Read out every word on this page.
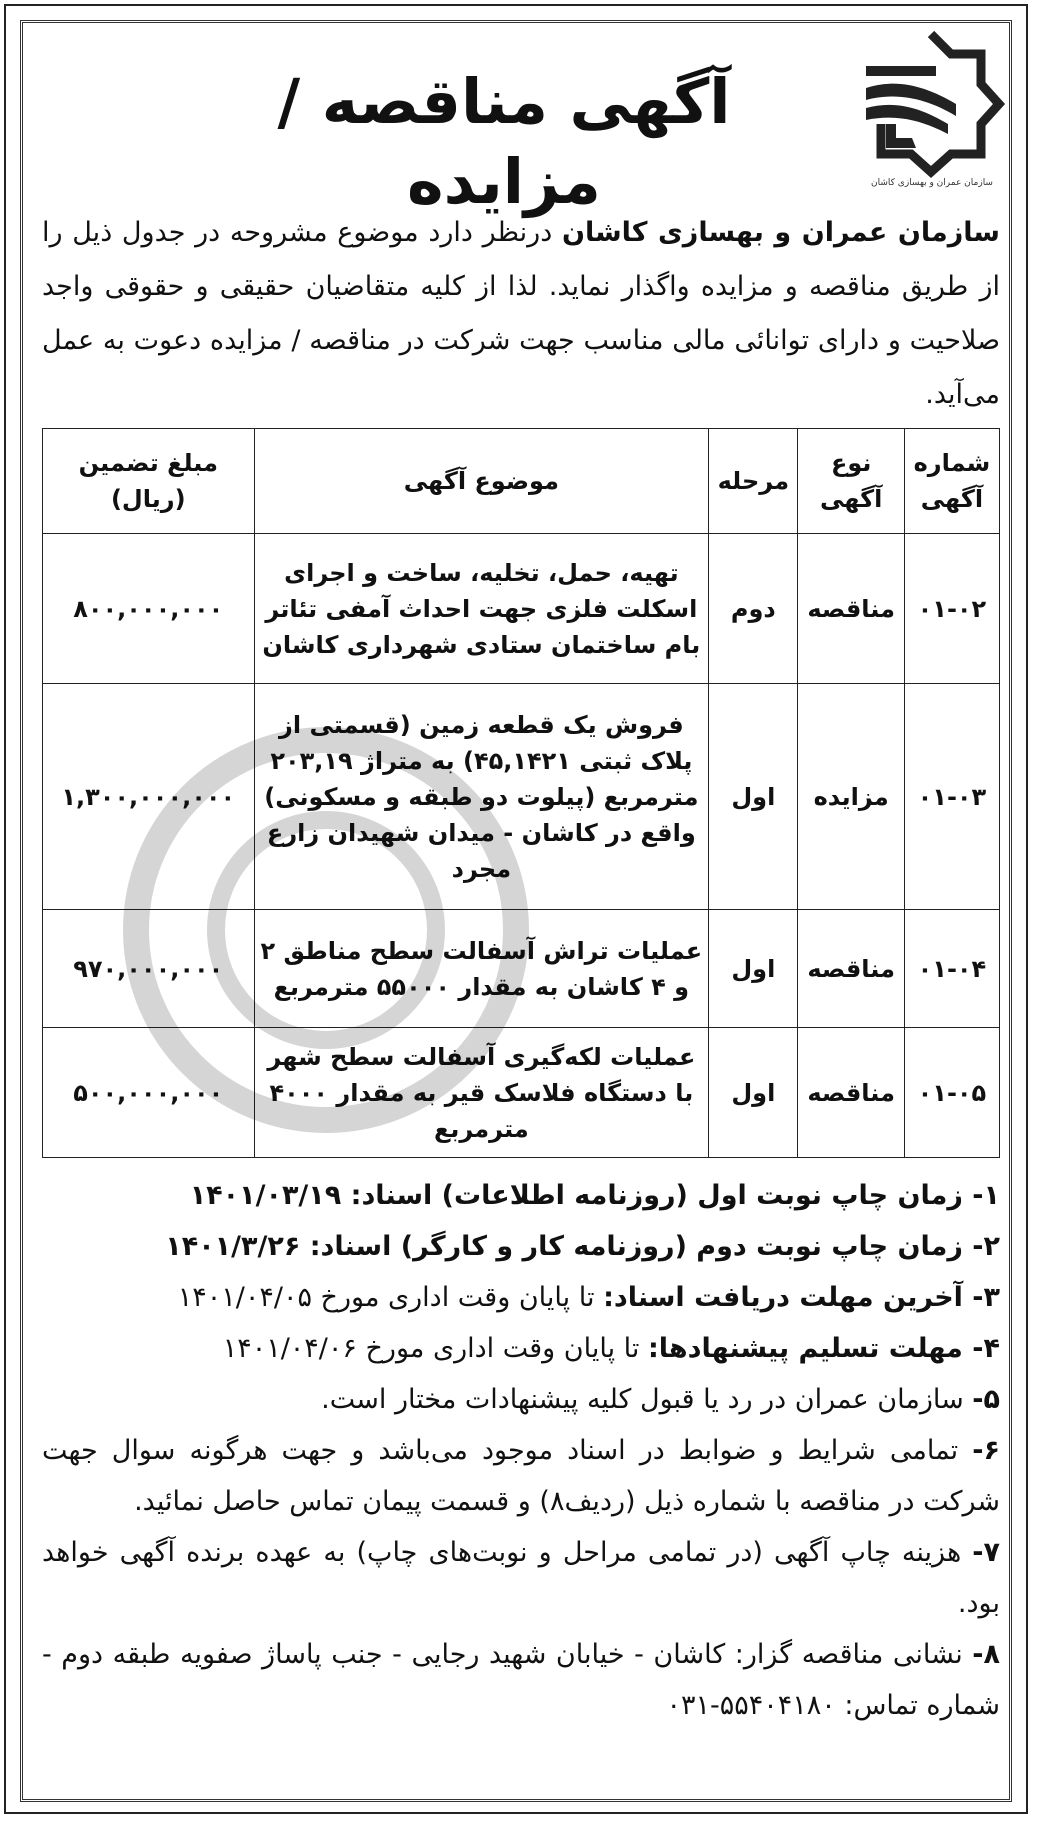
سازمان عمران و بهسازی کاشان
آگهی مناقصه / مزایده
سازمان عمران و بهسازی کاشان درنظر دارد موضوع مشروحه در جدول ذیل را از طریق مناقصه و مزایده واگذار نماید. لذا از کلیه متقاضیان حقیقی و حقوقی واجد صلاحیت و دارای توانائی مالی مناسب جهت شرکت در مناقصه / مزایده دعوت به عمل می‌آید.
شماره آگهی	نوع آگهی	مرحله	موضوع آگهی	مبلغ تضمین (ریال)
۰۱-۰۲	مناقصه	دوم	تهیه، حمل، تخلیه، ساخت و اجرای اسکلت فلزی جهت احداث آمفی تئاتر بام ساختمان ستادی شهرداری کاشان	۸۰۰,۰۰۰,۰۰۰
۰۱-۰۳	مزایده	اول	فروش یک قطعه زمین (قسمتی از پلاک ثبتی ۴۵,۱۴۲۱) به متراژ ۲۰۳,۱۹ مترمربع (پیلوت دو طبقه و مسکونی) واقع در کاشان - میدان شهیدان زارع مجرد	۱,۳۰۰,۰۰۰,۰۰۰
۰۱-۰۴	مناقصه	اول	عملیات تراش آسفالت سطح مناطق ۲ و ۴ کاشان به مقدار ۵۵۰۰۰ مترمربع	۹۷۰,۰۰۰,۰۰۰
۰۱-۰۵	مناقصه	اول	عملیات لکه‌گیری آسفالت سطح شهر با دستگاه فلاسک قیر به مقدار ۴۰۰۰ مترمربع	۵۰۰,۰۰۰,۰۰۰

۱- زمان چاپ نوبت اول (روزنامه اطلاعات) اسناد: ۱۴۰۱/۰۳/۱۹

۲- زمان چاپ نوبت دوم (روزنامه کار و کارگر) اسناد: ۱۴۰۱/۳/۲۶

۳- آخرین مهلت دریافت اسناد: تا پایان وقت اداری مورخ ۱۴۰۱/۰۴/۰۵

۴- مهلت تسلیم پیشنهادها: تا پایان وقت اداری مورخ ۱۴۰۱/۰۴/۰۶

۵- سازمان عمران در رد یا قبول کلیه پیشنهادات مختار است.

۶- تمامی شرایط و ضوابط در اسناد موجود می‌باشد و جهت هرگونه سوال جهت شرکت در مناقصه با شماره ذیل (ردیف۸) و قسمت پیمان تماس حاصل نمائید.

۷- هزینه چاپ آگهی (در تمامی مراحل و نوبت‌های چاپ) به عهده برنده آگهی خواهد بود.

۸- نشانی مناقصه گزار: کاشان - خیابان شهید رجایی - جنب پاساژ صفویه طبقه دوم - شماره تماس: ۵۵۴۰۴۱۸۰-۰۳۱
